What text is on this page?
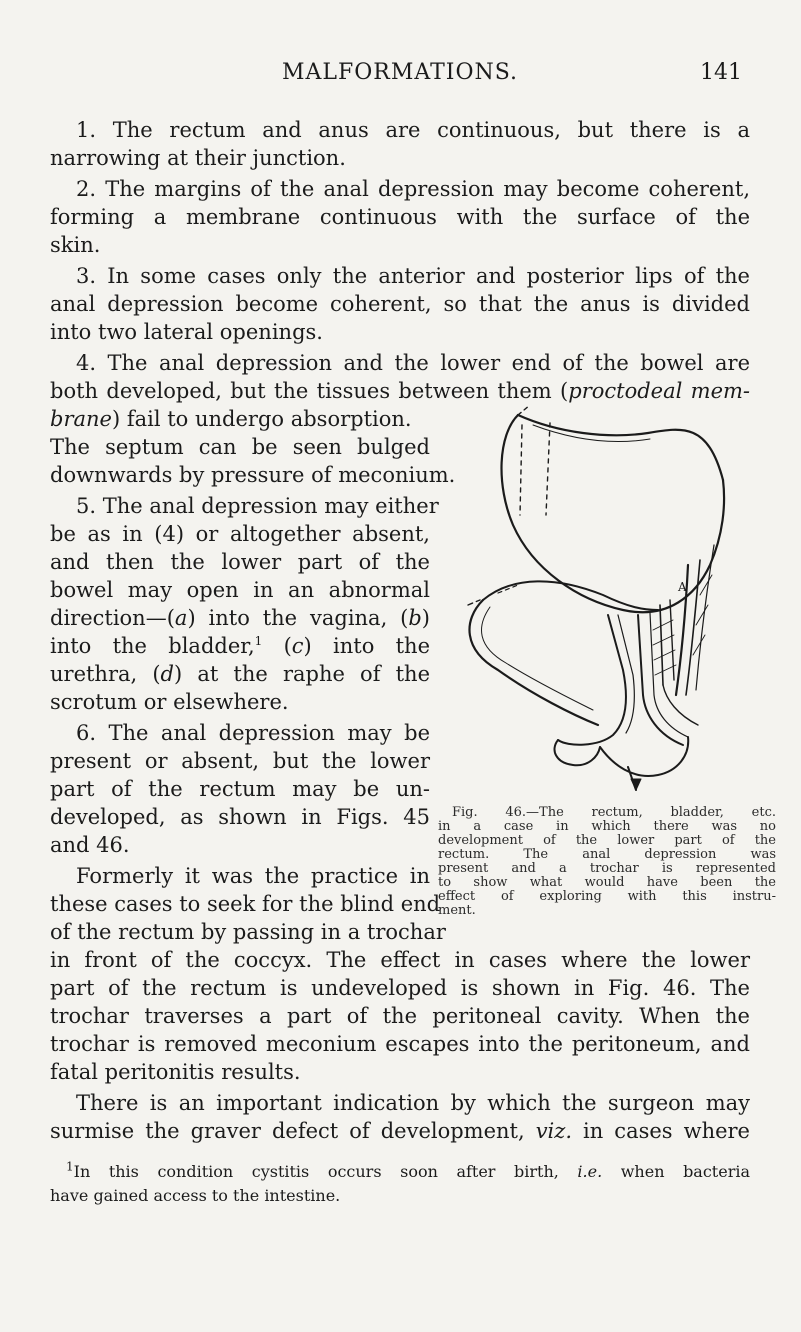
MALFORMATIONS.	141
1. The rectum and anus are continuous, but there is a
narrowing at their junction.
2. The margins of the anal depression may become coherent,
forming a membrane continuous with the surface of the
skin.
3. In some cases only the anterior and posterior lips of the
anal depression become coherent, so that the anus is divided
into two lateral openings.
4. The anal depression and the lower end of the bowel are
both developed, but the tissues between them (proctodeal mem-
brane) fail to undergo absorption.
The septum can be seen bulged
downwards by pressure of meconium.
5. The anal depression may either
be as in (4) or altogether absent,
and then the lower part of the
bowel may open in an abnormal
direction—(a) into the vagina, (b)
into the bladder,$^1$ (c) into the
urethra, (d) at the raphe of the
scrotum or elsewhere.
6. The anal depression may be
present or absent, but the lower
part of the rectum may be un-
developed, as shown in Figs. 45
and 46.
Formerly it was the practice in
these cases to seek for the blind end
of the rectum by passing in a trochar
in front of the coccyx. The effect in cases where the lower
part of the rectum is undeveloped is shown in Fig. 46. The
trochar traverses a part of the peritoneal cavity. When the
trochar is removed meconium escapes into the peritoneum, and
fatal peritonitis results.
There is an important indication by which the surgeon may
surmise the graver defect of development, viz. in cases where
A
Fig. 46.—The rectum, bladder, etc.
in a case in which there was no
development of the lower part of the
rectum. The anal depression was
present and a trochar is represented
to show what would have been the
effect of exploring with this instru-
ment.
$^1$In this condition cystitis occurs soon after birth, i.e. when bacteria
have gained access to the intestine.
